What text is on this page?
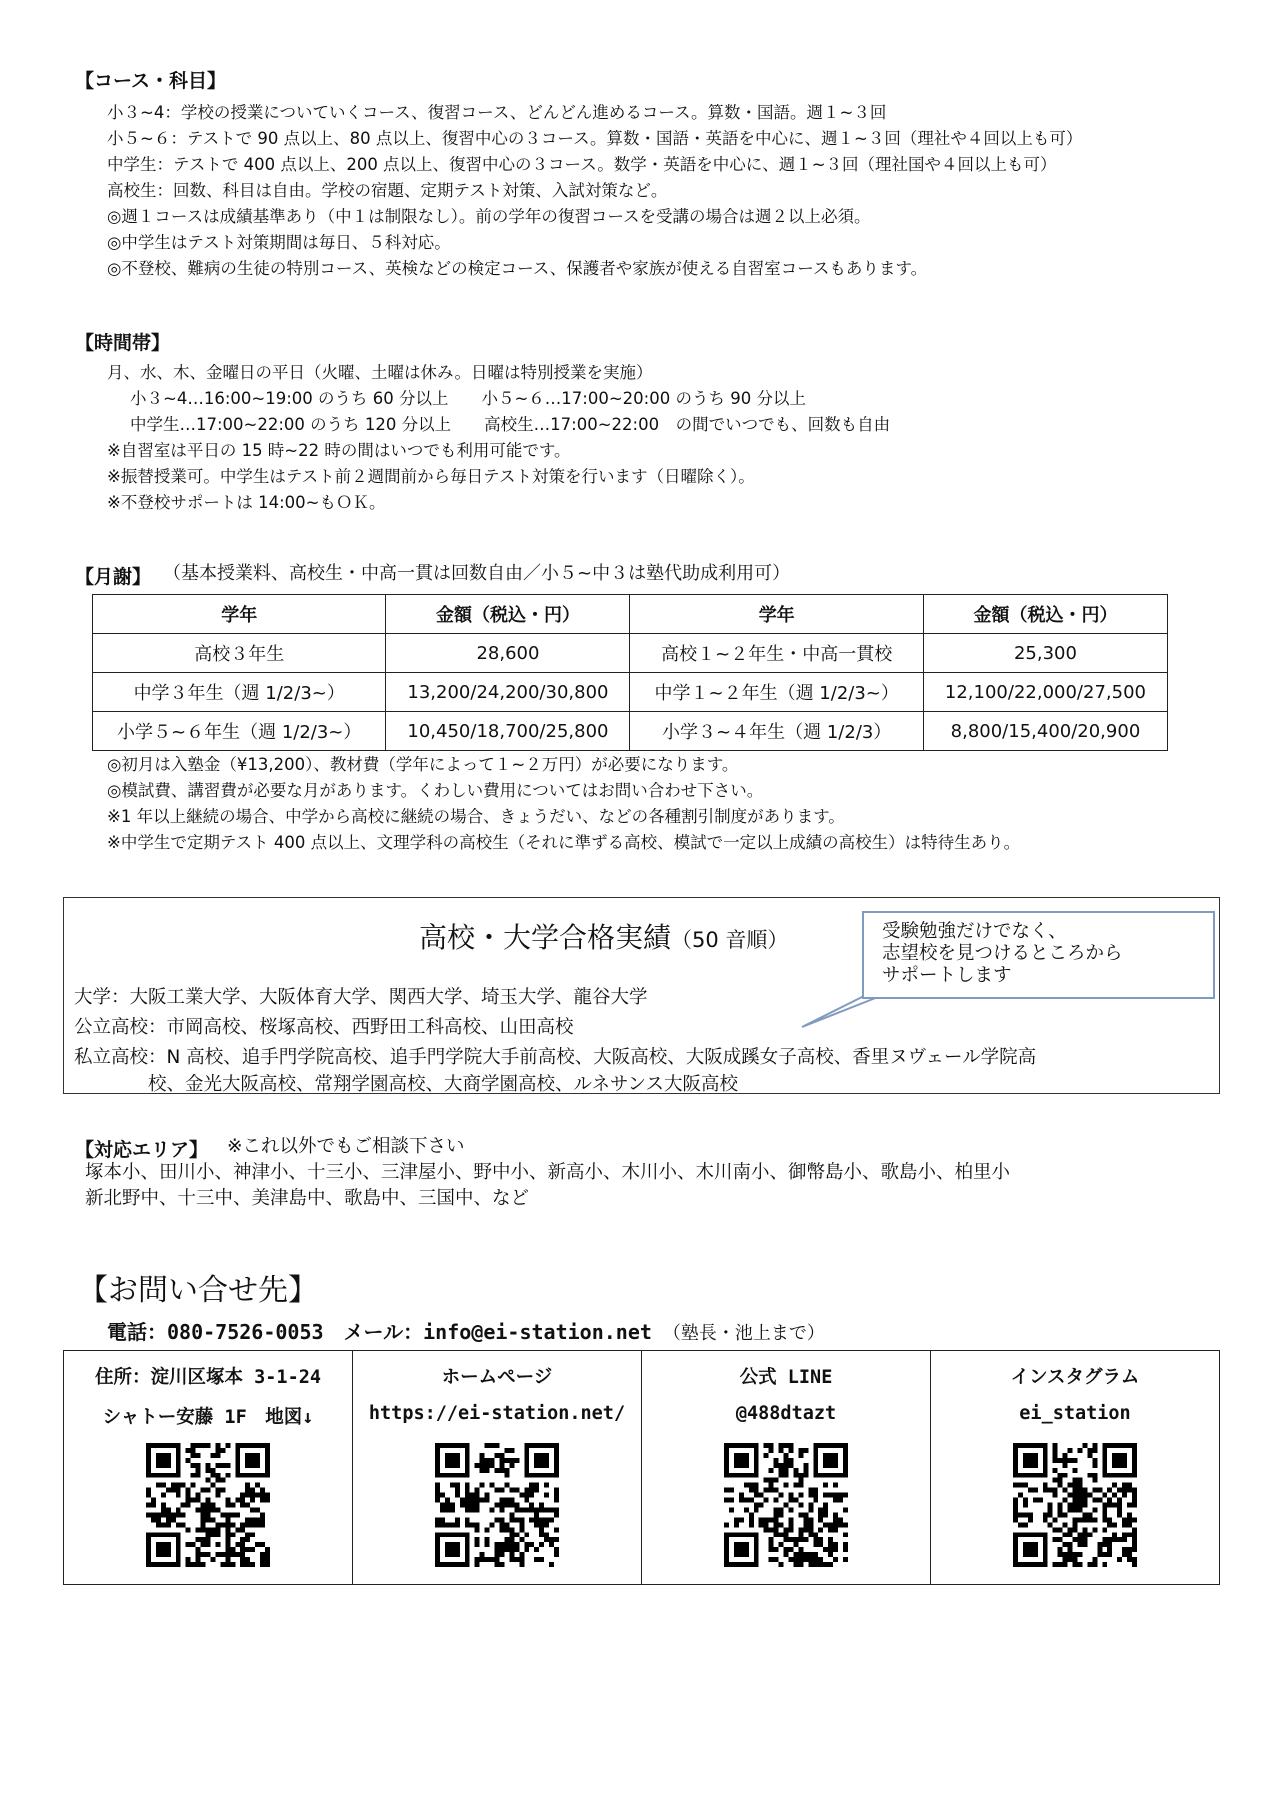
【コース・科目】
小３~4：学校の授業についていくコース、復習コース、どんどん進めるコース。算数・国語。週１~３回
小５~６：テストで 90 点以上、80 点以上、復習中心の３コース。算数・国語・英語を中心に、週１~３回（理社や４回以上も可）
中学生：テストで 400 点以上、200 点以上、復習中心の３コース。数学・英語を中心に、週１~３回（理社国や４回以上も可）
高校生：回数、科目は自由。学校の宿題、定期テスト対策、入試対策など。
◎週１コースは成績基準あり（中１は制限なし）。前の学年の復習コースを受講の場合は週２以上必須。
◎中学生はテスト対策期間は毎日、５科対応。
◎不登校、難病の生徒の特別コース、英検などの検定コース、保護者や家族が使える自習室コースもあります。
【時間帯】
月、水、木、金曜日の平日（火曜、土曜は休み。日曜は特別授業を実施）
小３~4…16:00~19:00 のうち 60 分以上　　小５~６…17:00~20:00 のうち 90 分以上
中学生…17:00~22:00 のうち 120 分以上　　高校生…17:00~22:00　の間でいつでも、回数も自由
※自習室は平日の 15 時~22 時の間はいつでも利用可能です。
※振替授業可。中学生はテスト前２週間前から毎日テスト対策を行います（日曜除く）。
※不登校サポートは 14:00~もＯＫ。
【月謝】 （基本授業料、高校生・中高一貫は回数自由／小５~中３は塾代助成利用可）
学年	金額（税込・円）	学年	金額（税込・円）
高校３年生	28,600	高校１~２年生・中高一貫校	25,300
中学３年生（週 1/2/3~）	13,200/24,200/30,800	中学１~２年生（週 1/2/3~）	12,100/22,000/27,500
小学５~６年生（週 1/2/3~）	10,450/18,700/25,800	小学３~４年生（週 1/2/3）	8,800/15,400/20,900
◎初月は入塾金（¥13,200）、教材費（学年によって１~２万円）が必要になります。
◎模試費、講習費が必要な月があります。くわしい費用についてはお問い合わせ下さい。
※1 年以上継続の場合、中学から高校に継続の場合、きょうだい、などの各種割引制度があります。
※中学生で定期テスト 400 点以上、文理学科の高校生（それに準ずる高校、模試で一定以上成績の高校生）は特待生あり。
高校・大学合格実績（50 音順）
大学：大阪工業大学、大阪体育大学、関西大学、埼玉大学、龍谷大学
公立高校：市岡高校、桜塚高校、西野田工科高校、山田高校
私立高校：N 高校、追手門学院高校、追手門学院大手前高校、大阪高校、大阪成蹊女子高校、香里ヌヴェール学院高
　　　　校、金光大阪高校、常翔学園高校、大商学園高校、ルネサンス大阪高校
受験勉強だけでなく、
志望校を見つけるところから
サポートします
【対応エリア】 ※これ以外でもご相談下さい
塚本小、田川小、神津小、十三小、三津屋小、野中小、新高小、木川小、木川南小、御幣島小、歌島小、柏里小
新北野中、十三中、美津島中、歌島中、三国中、など
【お問い合せ先】
電話：080-7526-0053　メール：info@ei-station.net　 （塾長・池上まで）
住所：淀川区塚本 3-1-24
シャトー安藤 1F　地図↓
ホームページ
https://ei-station.net/
公式 LINE
@488dtazt
インスタグラム
ei_station
